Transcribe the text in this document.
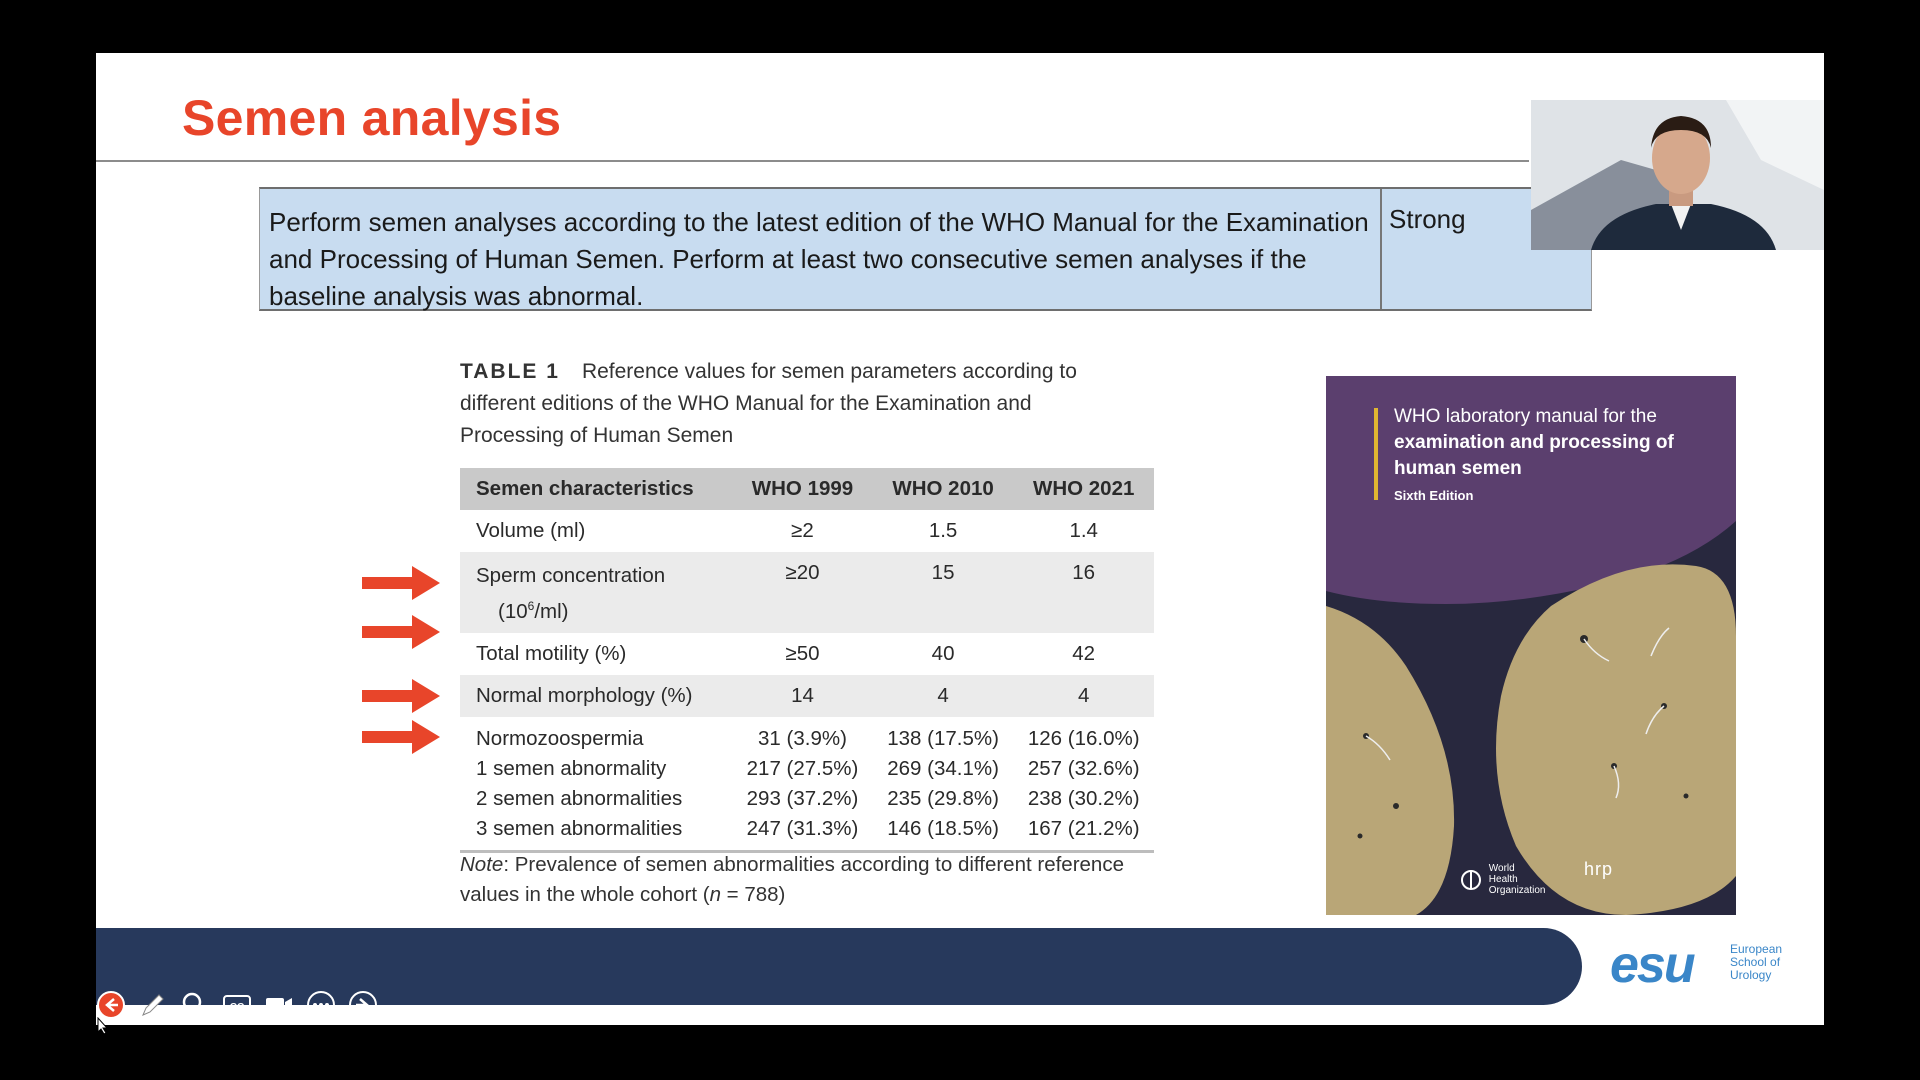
Semen analysis
Perform semen analyses according to the latest edition of the WHO Manual for the Examination and Processing of Human Semen. Perform at least two consecutive semen analyses if the baseline analysis was abnormal.
Strong
TABLE 1 Reference values for semen parameters according to different editions of the WHO Manual for the Examination and Processing of Human Semen
Semen characteristics	WHO 1999	WHO 2010	WHO 2021
Volume (ml)	≥2	1.5	1.4
Sperm concentration
$(10^6/ml)$	≥20	15	16
Total motility (%)	≥50	40	42
Normal morphology (%)	14	4	4
Normozoospermia	31 (3.9%)	138 (17.5%)	126 (16.0%)
1 semen abnormality	217 (27.5%)	269 (34.1%)	257 (32.6%)
2 semen abnormalities	293 (37.2%)	235 (29.8%)	238 (30.2%)
3 semen abnormalities	247 (31.3%)	146 (18.5%)	167 (21.2%)
Note: Prevalence of semen abnormalities according to different reference values in the whole cohort (n = 788)
WHO laboratory manual for the
examination and processing of human semen
Sixth Edition
World Health Organization
hrp
esu	European School of Urology
CC
